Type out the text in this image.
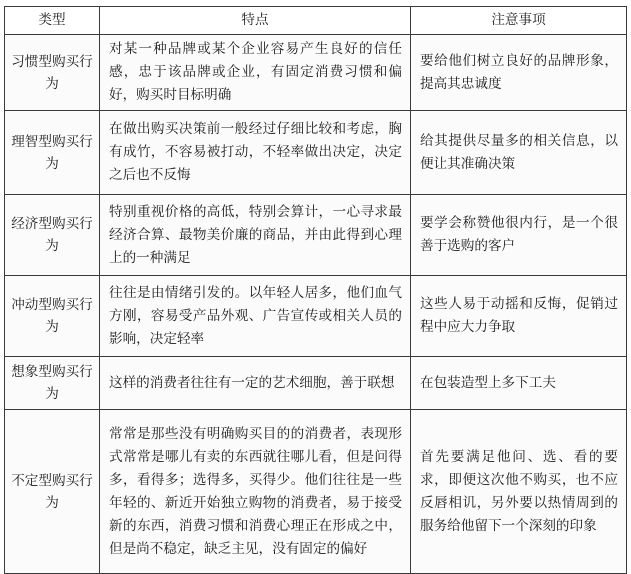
类型	特点	注意事项
习惯型购买行为	对某一种品牌或某个企业容易产生良好的信任感，忠于该品牌或企业，有固定消费习惯和偏好，购买时目标明确	要给他们树立良好的品牌形象，提高其忠诚度
理智型购买行为	在做出购买决策前一般经过仔细比较和考虑，胸有成竹，不容易被打动，不轻率做出决定，决定之后也不反悔	给其提供尽量多的相关信息，以便让其准确决策
经济型购买行为	特别重视价格的高低，特别会算计，一心寻求最经济合算、最物美价廉的商品，并由此得到心理上的一种满足	要学会称赞他很内行，是一个很善于选购的客户
冲动型购买行为	往往是由情绪引发的。以年轻人居多，他们血气方刚，容易受产品外观、广告宣传或相关人员的影响，决定轻率	这些人易于动摇和反悔，促销过程中应大力争取
想象型购买行为	这样的消费者往往有一定的艺术细胞，善于联想	在包装造型上多下工夫
不定型购买行为	常常是那些没有明确购买目的的消费者，表现形式常常是哪儿有卖的东西就往哪儿看，但是问得多，看得多；选得多，买得少。他们往往是一些年轻的、新近开始独立购物的消费者，易于接受新的东西，消费习惯和消费心理正在形成之中，但是尚不稳定，缺乏主见，没有固定的偏好	首先要满足他问、选、看的要求，即便这次他不购买，也不应反唇相讥，另外要以热情周到的服务给他留下一个深刻的印象
